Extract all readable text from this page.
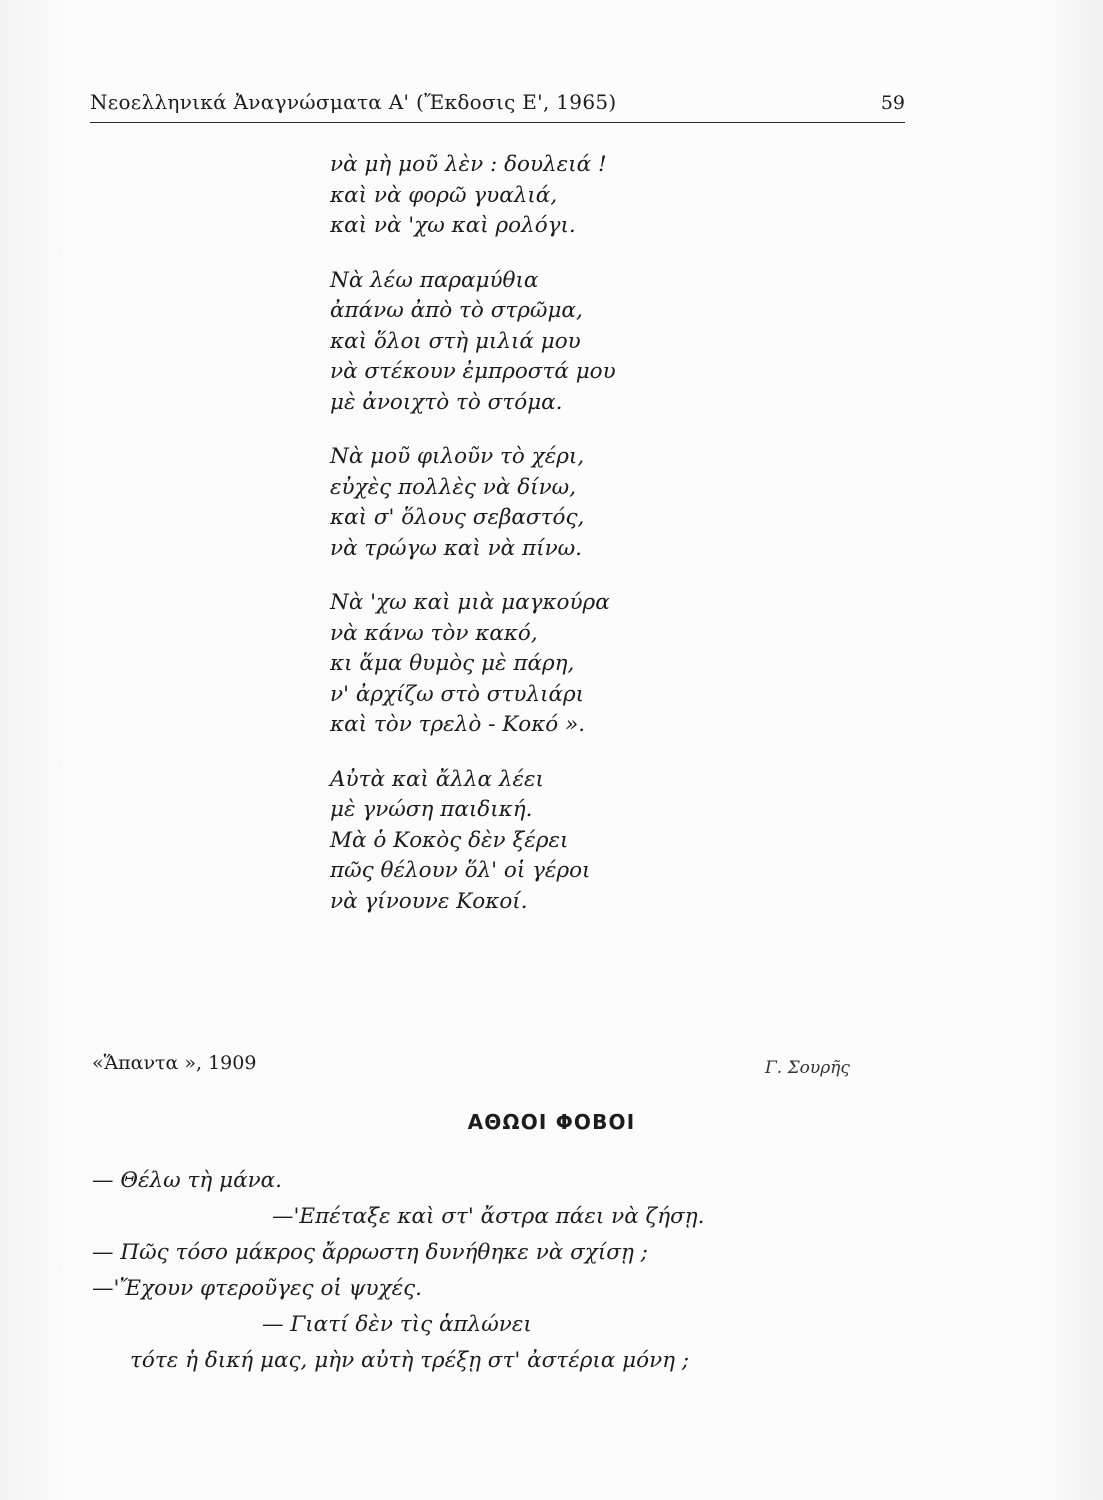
Νεοελληνικά Ἀναγνώσματα Α' (Ἔκδοσις Ε', 1965)	59
νὰ μὴ μοῦ λὲν : δουλειά !
καὶ νὰ φορῶ γυαλιά,
καὶ νὰ 'χω καὶ ρολόγι.
Νὰ λέω παραμύθια
ἀπάνω ἀπὸ τὸ στρῶμα,
καὶ ὅλοι στὴ μιλιά μου
νὰ στέκουν ἐμπροστά μου
μὲ ἀνοιχτὸ τὸ στόμα.
Νὰ μοῦ φιλοῦν τὸ χέρι,
εὐχὲς πολλὲς νὰ δίνω,
καὶ σ' ὅλους σεβαστός,
νὰ τρώγω καὶ νὰ πίνω.
Νὰ 'χω καὶ μιὰ μαγκούρα
νὰ κάνω τὸν κακό,
κι ἅμα θυμὸς μὲ πάρη,
ν' ἀρχίζω στὸ στυλιάρι
καὶ τὸν τρελὸ - Κοκό ».
Αὐτὰ καὶ ἄλλα λέει
μὲ γνώση παιδική.
Μὰ ὁ Κοκὸς δὲν ξέρει
πῶς θέλουν ὅλ' οἱ γέροι
νὰ γίνουνε Κοκοί.
«Ἅπαντα », 1909	Γ. Σουρῆς
ΑΘΩΟΙ ΦΟΒΟΙ
— Θέλω τὴ μάνα.
—'Επέταξε καὶ στ' ἄστρα πάει νὰ ζήσῃ.
— Πῶς τόσο μάκρος ἄρρωστη δυνήθηκε νὰ σχίσῃ ;
—'Ἔχουν φτεροῦγες οἱ ψυχές.
— Γιατί δὲν τὶς ἁπλώνει
τότε ἡ δική μας, μὴν αὐτὴ τρέξῃ στ' ἀστέρια μόνη ;
